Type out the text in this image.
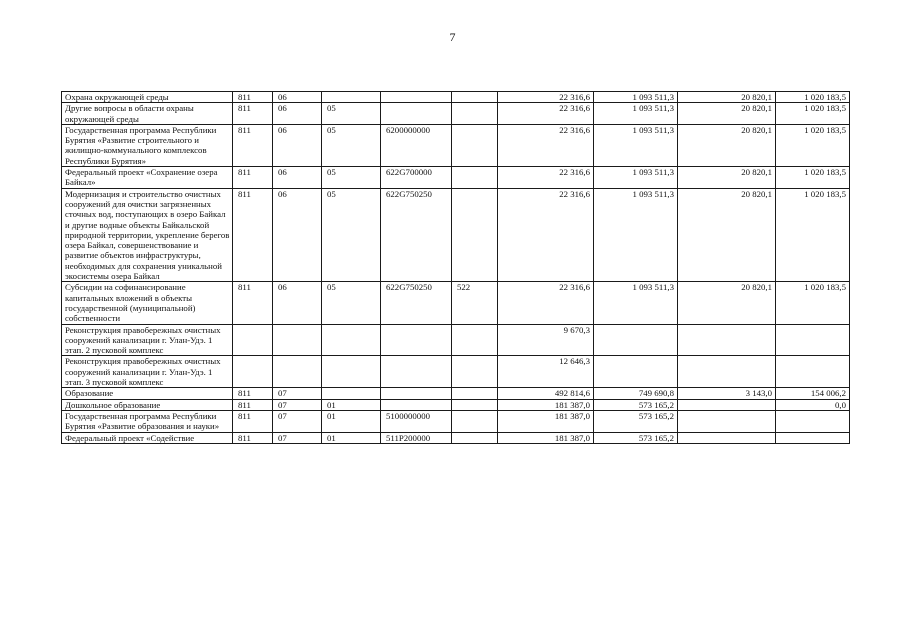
7
Охрана окружающей среды	811	06				22 316,6	1 093 511,3	20 820,1	1 020 183,5
Другие вопросы в области охраны окружающей среды	811	06	05			22 316,6	1 093 511,3	20 820,1	1 020 183,5
Государственная программа Республики Бурятия «Развитие строительного и жилищно-коммунального комплексов Республики Бурятия»	811	06	05	6200000000		22 316,6	1 093 511,3	20 820,1	1 020 183,5
Федеральный проект «Сохранение озера Байкал»	811	06	05	622G700000		22 316,6	1 093 511,3	20 820,1	1 020 183,5
Модернизация и строительство очистных сооружений для очистки загрязненных сточных вод, поступающих в озеро Байкал и другие водные объекты Байкальской природной территории, укрепление берегов озера Байкал, совершенствование и развитие объектов инфраструктуры, необходимых для сохранения уникальной экосистемы озера Байкал	811	06	05	622G750250		22 316,6	1 093 511,3	20 820,1	1 020 183,5
Субсидии на софинансирование капитальных вложений в объекты государственной (муниципальной) собственности	811	06	05	622G750250	522	22 316,6	1 093 511,3	20 820,1	1 020 183,5
Реконструкция правобережных очистных сооружений канализации г. Улан-Удэ. 1 этап. 2 пусковой комплекс						9 670,3			
Реконструкция правобережных очистных сооружений канализации г. Улан-Удэ. 1 этап. 3 пусковой комплекс						12 646,3			
Образование	811	07				492 814,6	749 690,8	3 143,0	154 006,2
Дошкольное образование	811	07	01			181 387,0	573 165,2		0,0
Государственная программа Республики Бурятия «Развитие образования и науки»	811	07	01	5100000000		181 387,0	573 165,2		
Федеральный проект «Содействие	811	07	01	511P200000		181 387,0	573 165,2		
